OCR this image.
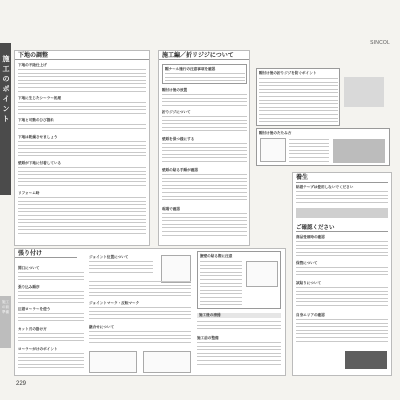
SINCOL
施工のポイント
施工の前準備
229
下地の調整
下地の不陸仕上げ
下地に生じたシーラー処理
下地と可動のひび割れ
下地は乾燥させましょう
壁紙が下地に付着している
リフォーム時
施工編／折リジジについて
糊ナール施行の注意事項を確認
糊付け後の放置
折りジジについて
壁紙を保つ様にする
壁紙の貼る手順が確認
現場で確認
糊付け後の折りジジを防ぐポイント
糊付け後のたたみ方
張り付け
開口について
張り込み順序
圧着ローラーを使う
カット刃の掛け方
ローラーがけのポイント
ジョイント位置について
ジョイントマーク・反転マーク
継合せについて
腰壁の貼る際に注意
施工後の清掃
施工前の整備
養生
粘着テープは使用しないでください
ご確認ください
商品受領時の確認
保管について
試貼りについて
自身エリアの確認
